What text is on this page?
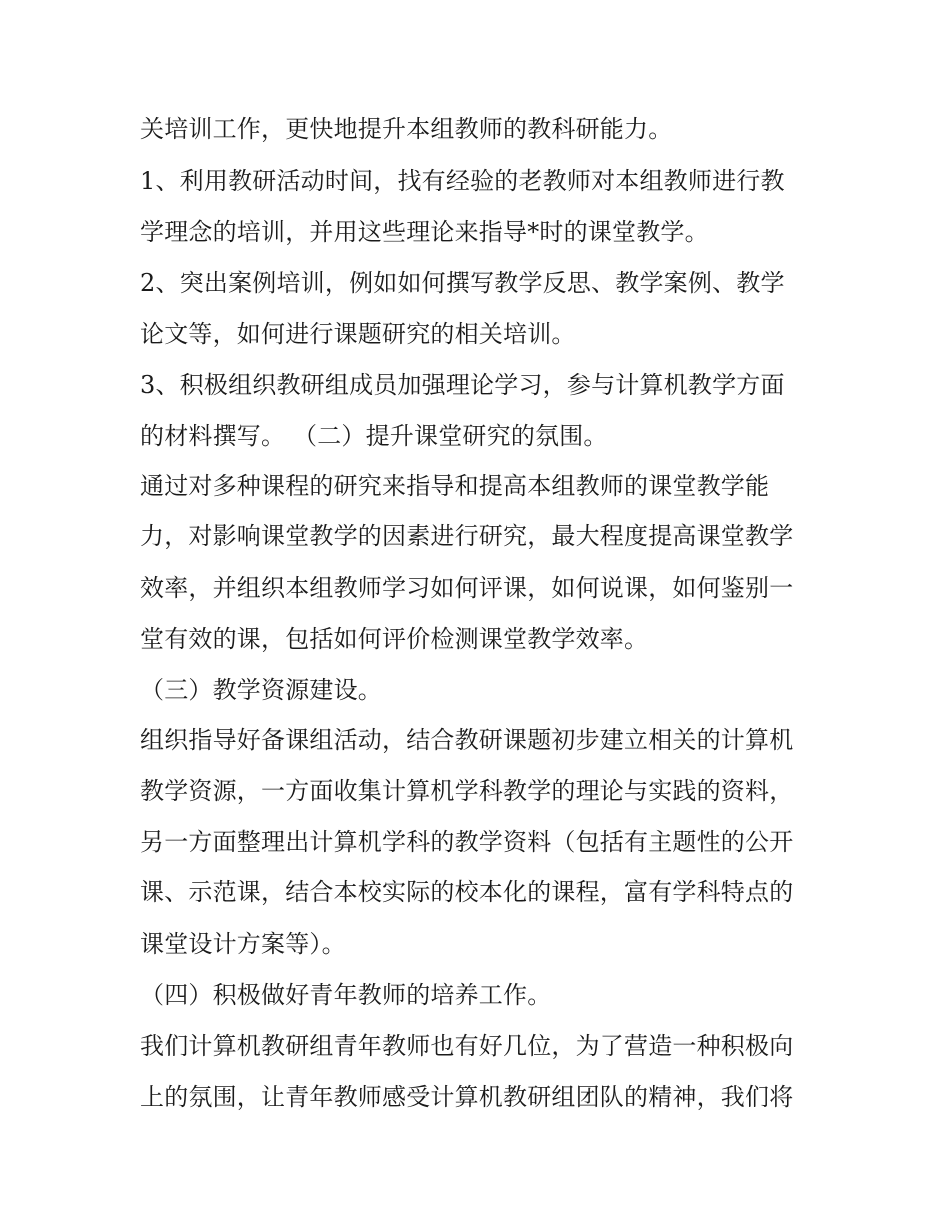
关培训工作，更快地提升本组教师的教科研能力。
1、利用教研活动时间，找有经验的老教师对本组教师进行教
学理念的培训，并用这些理论来指导*时的课堂教学。
2、突出案例培训，例如如何撰写教学反思、教学案例、教学
论文等，如何进行课题研究的相关培训。
3、积极组织教研组成员加强理论学习，参与计算机教学方面
的材料撰写。 （二）提升课堂研究的氛围。
通过对多种课程的研究来指导和提高本组教师的课堂教学能
力，对影响课堂教学的因素进行研究，最大程度提高课堂教学
效率，并组织本组教师学习如何评课，如何说课，如何鉴别一
堂有效的课，包括如何评价检测课堂教学效率。
（三）教学资源建设。
组织指导好备课组活动，结合教研课题初步建立相关的计算机
教学资源，一方面收集计算机学科教学的理论与实践的资料，
另一方面整理出计算机学科的教学资料（包括有主题性的公开
课、示范课，结合本校实际的校本化的课程，富有学科特点的
课堂设计方案等）。
（四）积极做好青年教师的培养工作。
我们计算机教研组青年教师也有好几位，为了营造一种积极向
上的氛围，让青年教师感受计算机教研组团队的精神，我们将
